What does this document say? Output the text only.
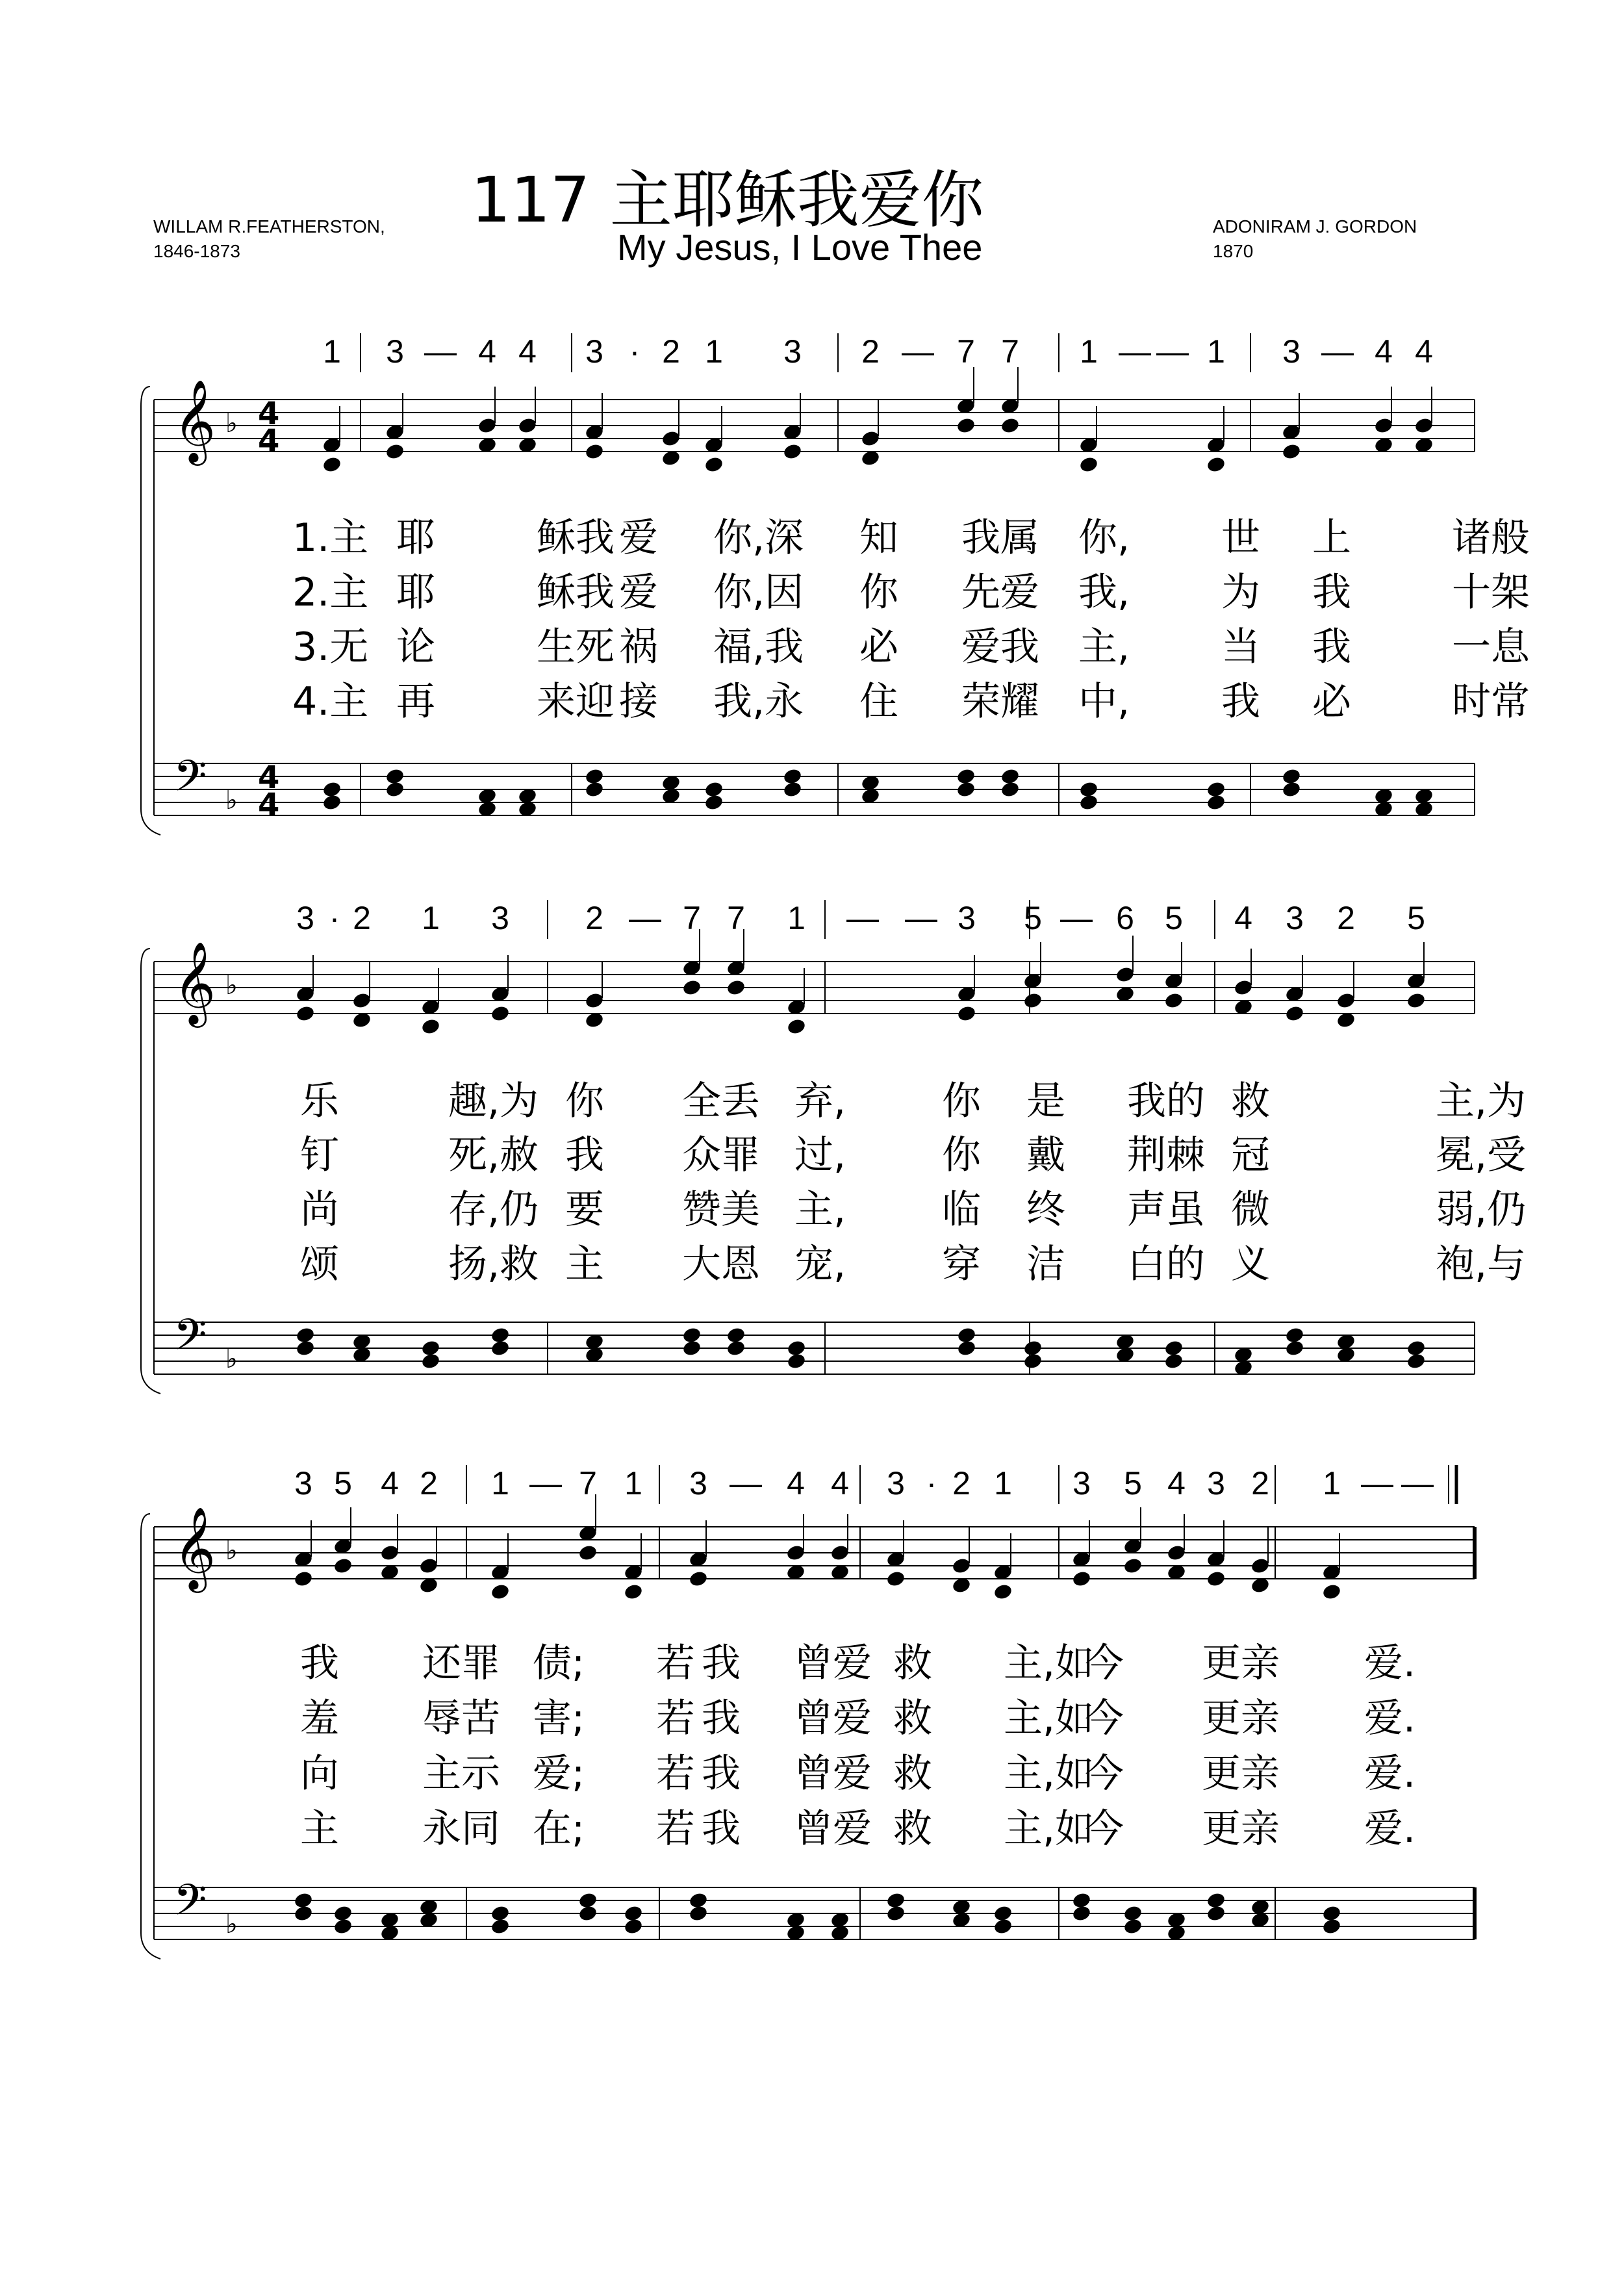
117 主耶稣我爱你
My Jesus, I Love Thee
WILLAM R.FEATHERSTON,
1846-1873
ADONIRAM J. GORDON
1870
1 3 — 4 4 3 · 2 1 3 2 — 7 7 1 — — 1 3 — 4 4
𝄞 ♭ 4
4
𝄢 ♭
4
4
1.主 耶	稣我 爱 你,深 知 我属 你, 世 上	诸般
2.主 耶	稣我 爱 你,因 你 先爱 我, 为 我	十架
3.无 论	生死 祸 福,我 必 爱我 主, 当 我	一息
4.主 再	来迎 接 我,永 住 荣耀 中, 我 必	时常
3 · 2 1 3 2 — 7 7 1 — — 3 5 — 6 5 4 3 2 5
𝄞 ♭
𝄢 ♭
乐	趣,为 你 全丢 弃, 你 是 我的 救	主,为
钉	死,赦 我 众罪 过, 你 戴 荆棘 冠	冕,受
尚	存,仍 要 赞美 主, 临 终 声虽 微	弱,仍
颂	扬,救 主 大恩 宠, 穿 洁 白的 义	袍,与
3 5 4 2 1 — 7 1 3 — 4 4 3 · 2 1 3 5 4 3 2 1 — —
𝄞 ♭
𝄢 ♭
我 还罪 债; 若 我 曾爱 救 主,如
今 更亲 爱.
羞 辱苦 害; 若 我 曾爱 救 主,如
今 更亲 爱.
向 主示 爱; 若 我 曾爱 救 主,如
今 更亲 爱.
主 永同 在; 若 我 曾爱 救 主,如
今 更亲 爱.
